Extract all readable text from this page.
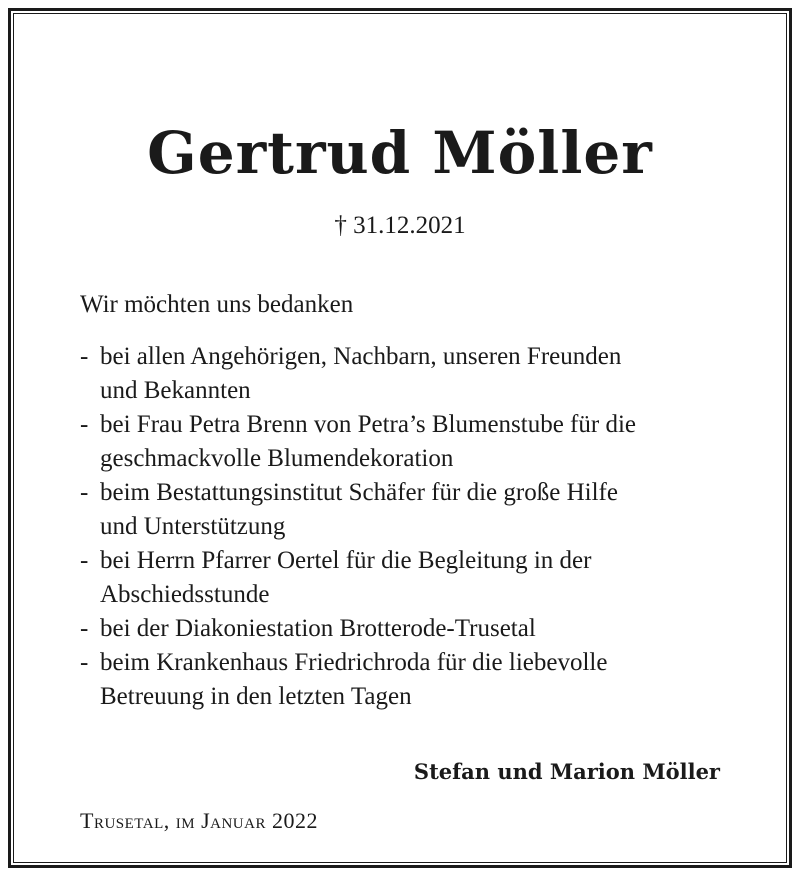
Gertrud Möller
† 31.12.2021
Wir möchten uns bedanken
- bei allen Angehörigen, Nachbarn, unseren Freunden
und Bekannten
- bei Frau Petra Brenn von Petra’s Blumenstube für die
geschmackvolle Blumendekoration
- beim Bestattungsinstitut Schäfer für die große Hilfe
und Unterstützung
- bei Herrn Pfarrer Oertel für die Begleitung in der
Abschiedsstunde
- bei der Diakoniestation Brotterode-Trusetal
- beim Krankenhaus Friedrichroda für die liebevolle
Betreuung in den letzten Tagen
Stefan und Marion Möller
Trusetal, im Januar 2022
